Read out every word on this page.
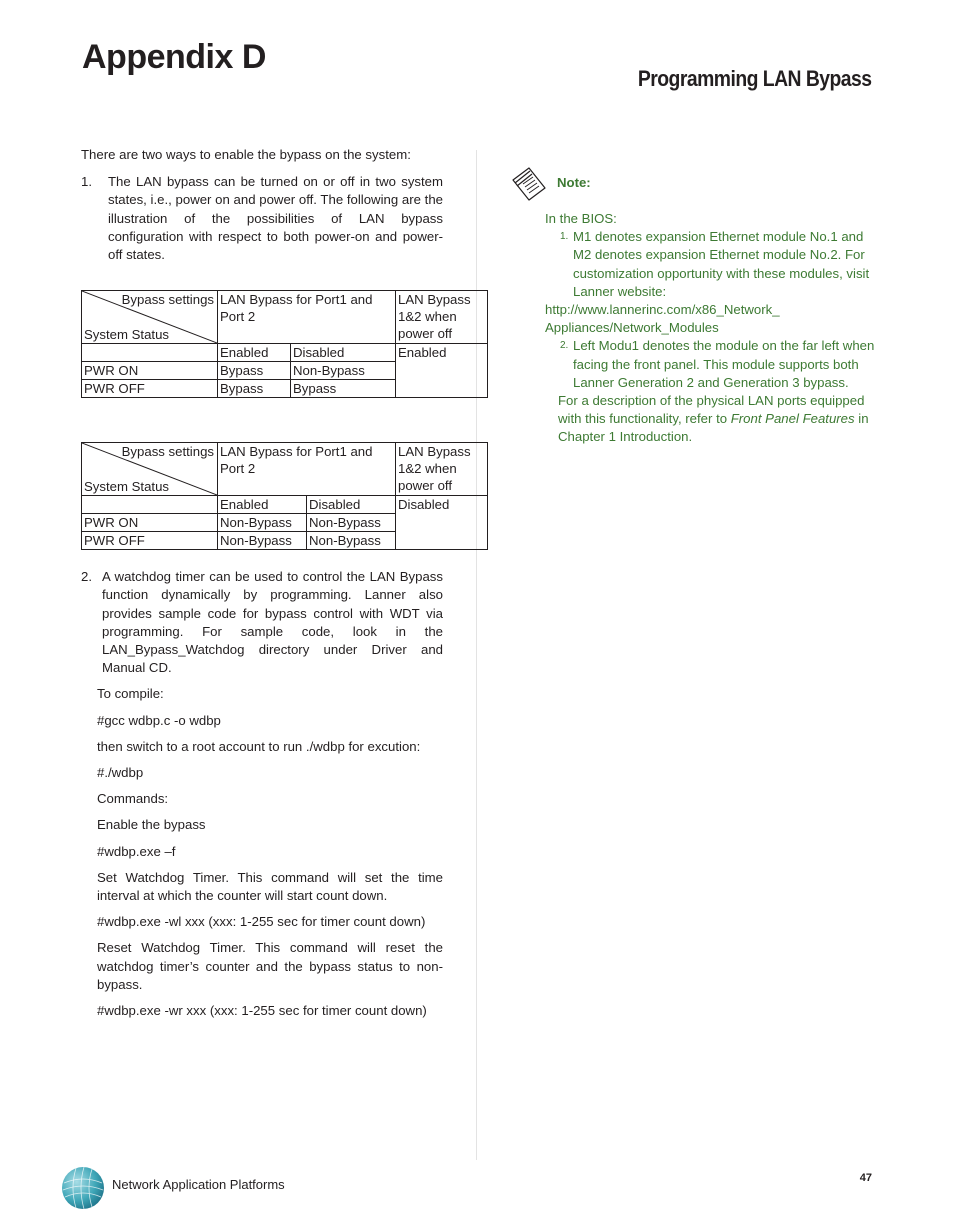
Appendix D
Programming LAN Bypass

There are two ways to enable the bypass on the system:

1.	The LAN bypass can be turned on or off in two system states, i.e., power on and power off. The following are the illustration of the possibilities of LAN bypass configuration with respect to both power-on and power-off states.
Bypass settings
System Status	LAN Bypass for Port1 and Port 2		LAN Bypass 1&2 when power off

	Enabled	Disabled	Enabled
PWR ON	Bypass	Non-Bypass	
PWR OFF	Bypass	Bypass	
Bypass settings
System Status	LAN Bypass for Port1 and Port 2		LAN Bypass 1&2 when power off

	Enabled	Disabled	Disabled
PWR ON	Non-Bypass	Non-Bypass	
PWR OFF	Non-Bypass	Non-Bypass	
2. A watchdog timer can be used to control the LAN Bypass function dynamically by programming. Lanner also provides sample code for bypass control with WDT via programming. For sample code, look in the LAN_Bypass_Watchdog directory under Driver and Manual CD.

To compile:

#gcc wdbp.c -o wdbp

then switch to a root account to run ./wdbp for excution:

#./wdbp

Commands:

Enable the bypass

#wdbp.exe –f

Set Watchdog Timer. This command will set the time interval at which the counter will start count down.

#wdbp.exe -wl xxx (xxx: 1-255 sec for timer count down)

Reset Watchdog Timer. This command will reset the watchdog timer’s counter and the bypass status to non-bypass.

#wdbp.exe -wr xxx (xxx: 1-255 sec for timer count down)

Note:

In the BIOS:

1. M1 denotes expansion Ethernet module No.1 and M2 denotes expansion Ethernet module No.2. For customization opportunity with these modules, visit Lanner website:

http://www.lannerinc.com/x86_Network_

Appliances/Network_Modules

2. Left Modu1 denotes the module on the far left when facing the front panel. This module supports both Lanner Generation 2 and Generation 3 bypass.

For a description of the physical LAN ports equipped with this functionality, refer to Front Panel Features in Chapter 1 Introduction.

Network Application Platforms	47
